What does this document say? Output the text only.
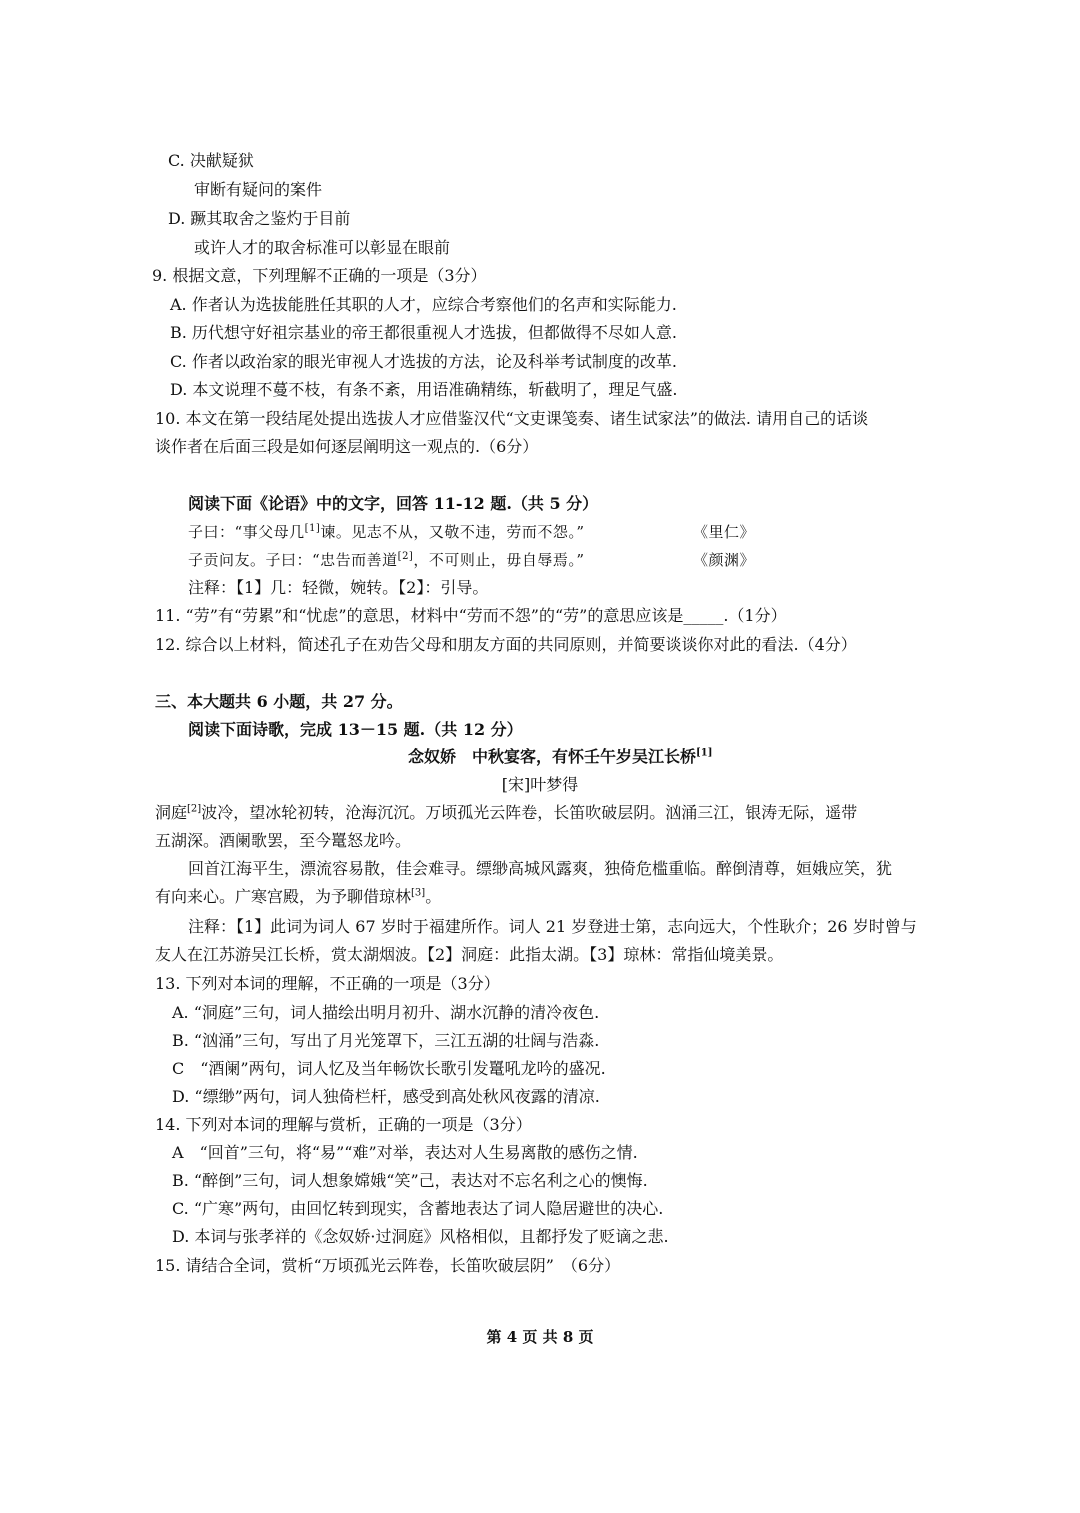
C. 决献疑狱
审断有疑问的案件
D. 蹶其取舍之鉴灼于目前
或许人才的取舍标准可以彰显在眼前
9. 根据文意，下列理解不正确的一项是（3分）
A. 作者认为选拔能胜任其职的人才，应综合考察他们的名声和实际能力.
B. 历代想守好祖宗基业的帝王都很重视人才选拔，但都做得不尽如人意.
C. 作者以政治家的眼光审视人才选拔的方法，论及科举考试制度的改革.
D. 本文说理不蔓不枝，有条不紊，用语准确精练，斩截明了，理足气盛.
10. 本文在第一段结尾处提出选拔人才应借鉴汉代“文吏课笺奏、诸生试家法”的做法. 请用自己的话谈
谈作者在后面三段是如何逐层阐明这一观点的.（6分）
阅读下面《论语》中的文字，回答 11-12 题.（共 5 分）
子曰：“事父母几[1]谏。见志不从，又敬不违，劳而不怨。”	《里仁》
子贡问友。子曰：“忠告而善道[2]，不可则止，毋自辱焉。”	《颜渊》
注释：【1】几：轻微，婉转。【2】：引导。
11. “劳”有“劳累”和“忧虑”的意思，材料中“劳而不怨”的“劳”的意思应该是_____.（1分）
12. 综合以上材料，简述孔子在劝告父母和朋友方面的共同原则，并简要谈谈你对此的看法.（4分）
三、本大题共 6 小题，共 27 分。
阅读下面诗歌，完成 13－15 题.（共 12 分）
念奴娇　中秋宴客，有怀壬午岁吴江长桥[1]
[宋]叶梦得
洞庭[2]波冷，望冰轮初转，沧海沉沉。万顷孤光云阵卷，长笛吹破层阴。汹涌三江，银涛无际，遥带
五湖深。酒阑歌罢，至今鼍怒龙吟。
回首江海平生，漂流容易散，佳会难寻。缥缈高城风露爽，独倚危槛重临。醉倒清尊，姮娥应笑，犹
有向来心。广寒宫殿，为予聊借琼林[3]。
注释：【1】此词为词人 67 岁时于福建所作。词人 21 岁登进士第，志向远大，个性耿介；26 岁时曾与
友人在江苏游吴江长桥，赏太湖烟波。【2】洞庭：此指太湖。【3】琼林：常指仙境美景。
13. 下列对本词的理解，不正确的一项是（3分）
A. “洞庭”三句，词人描绘出明月初升、湖水沉静的清冷夜色.
B. “汹涌”三句，写出了月光笼罩下，三江五湖的壮阔与浩淼.
C　“酒阑”两句，词人忆及当年畅饮长歌引发鼍吼龙吟的盛况.
D. “缥缈”两句，词人独倚栏杆，感受到高处秋风夜露的清凉.
14. 下列对本词的理解与赏析，正确的一项是（3分）
A　“回首”三句，将“易”“难”对举，表达对人生易离散的感伤之情.
B. “醉倒”三句，词人想象嫦娥“笑”己，表达对不忘名利之心的懊悔.
C. “广寒”两句，由回忆转到现实，含蓄地表达了词人隐居避世的决心.
D. 本词与张孝祥的《念奴娇·过洞庭》风格相似，且都抒发了贬谪之悲.
15. 请结合全词，赏析“万顷孤光云阵卷，长笛吹破层阴”　（6分）
第 4 页 共 8 页
